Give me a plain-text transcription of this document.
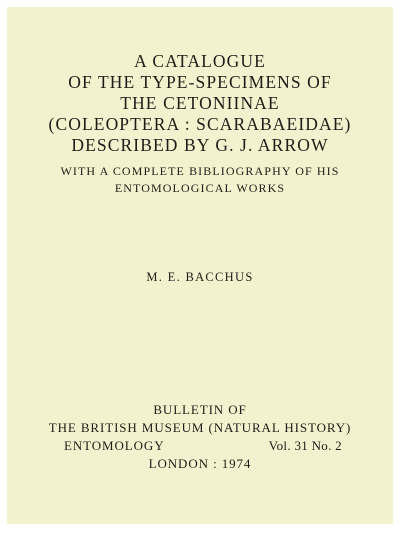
A CATALOGUE
OF THE TYPE-SPECIMENS OF
THE CETONIINAE
(COLEOPTERA : SCARABAEIDAE)
DESCRIBED BY G. J. ARROW
WITH A COMPLETE BIBLIOGRAPHY OF HIS
ENTOMOLOGICAL WORKS
M. E. BACCHUS
BULLETIN OF
THE BRITISH MUSEUM (NATURAL HISTORY)
ENTOMOLOGY	Vol. 31 No. 2
LONDON : 1974
